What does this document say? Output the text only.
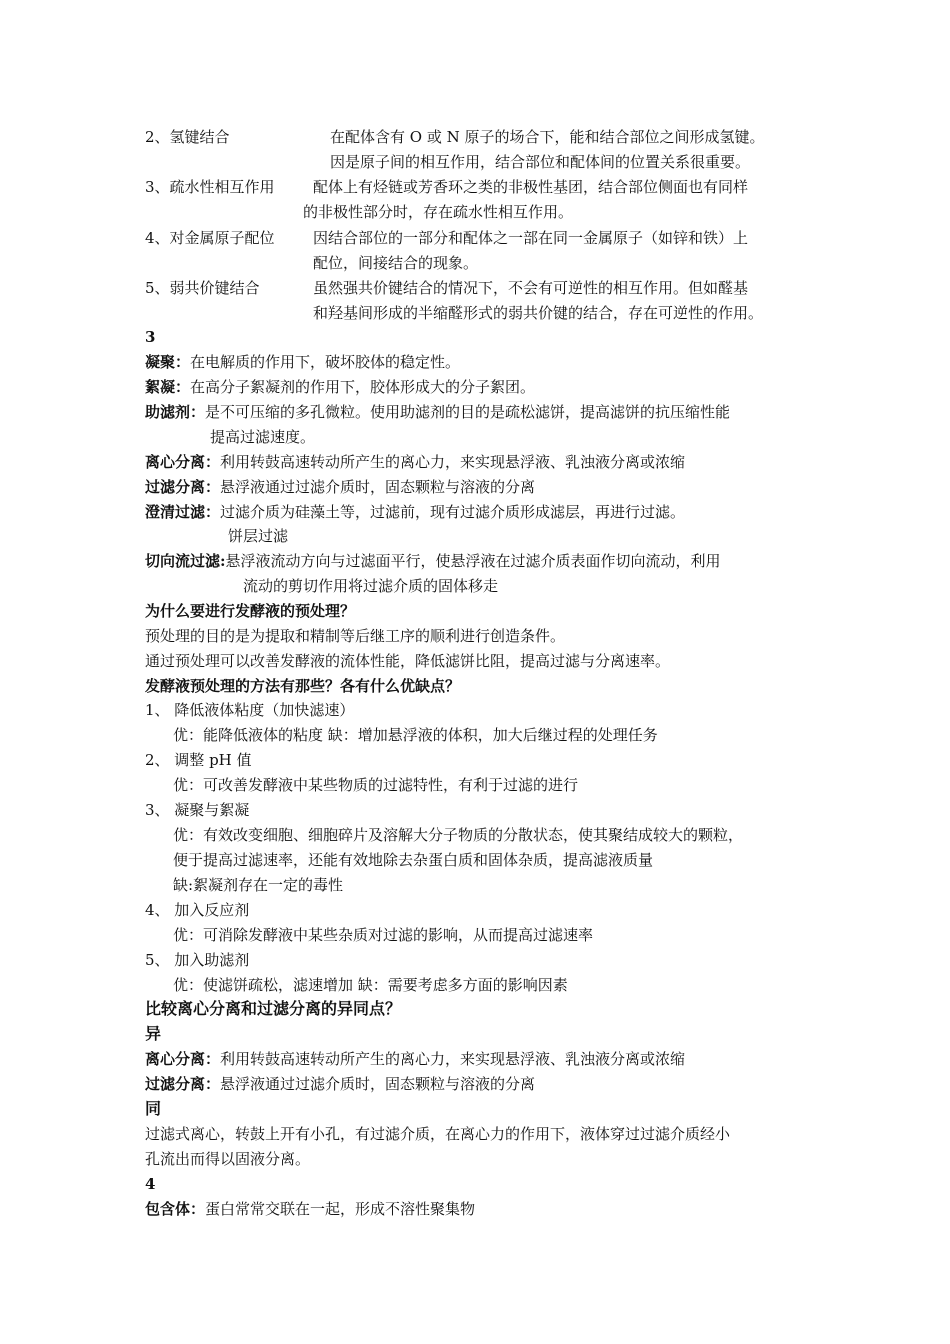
2、氢键结合	在配体含有 O 或 N 原子的场合下，能和结合部位之间形成氢键。
因是原子间的相互作用，结合部位和配体间的位置关系很重要。
3、疏水性相互作用	配体上有烃链或芳香环之类的非极性基团，结合部位侧面也有同样
的非极性部分时，存在疏水性相互作用。
4、对金属原子配位	因结合部位的一部分和配体之一部在同一金属原子（如锌和铁）上
配位，间接结合的现象。
5、弱共价键结合	虽然强共价键结合的情况下，不会有可逆性的相互作用。但如醛基
和羟基间形成的半缩醛形式的弱共价键的结合，存在可逆性的作用。
3
凝聚：在电解质的作用下，破坏胶体的稳定性。
絮凝：在高分子絮凝剂的作用下，胶体形成大的分子絮团。
助滤剂：是不可压缩的多孔微粒。使用助滤剂的目的是疏松滤饼，提高滤饼的抗压缩性能
提高过滤速度。
离心分离：利用转鼓高速转动所产生的离心力，来实现悬浮液、乳浊液分离或浓缩
过滤分离：悬浮液通过过滤介质时，固态颗粒与溶液的分离
澄清过滤：过滤介质为硅藻土等，过滤前，现有过滤介质形成滤层，再进行过滤。
饼层过滤
切向流过滤:悬浮液流动方向与过滤面平行，使悬浮液在过滤介质表面作切向流动，利用
流动的剪切作用将过滤介质的固体移走
为什么要进行发酵液的预处理？
预处理的目的是为提取和精制等后继工序的顺利进行创造条件。
通过预处理可以改善发酵液的流体性能，降低滤饼比阻，提高过滤与分离速率。
发酵液预处理的方法有那些？各有什么优缺点？
1、 降低液体粘度（加快滤速）
优：能降低液体的粘度 缺：增加悬浮液的体积，加大后继过程的处理任务
2、 调整 pH 值
优：可改善发酵液中某些物质的过滤特性，有利于过滤的进行
3、 凝聚与絮凝
优：有效改变细胞、细胞碎片及溶解大分子物质的分散状态，使其聚结成较大的颗粒，
便于提高过滤速率，还能有效地除去杂蛋白质和固体杂质，提高滤液质量
缺:絮凝剂存在一定的毒性
4、 加入反应剂
优：可消除发酵液中某些杂质对过滤的影响，从而提高过滤速率
5、 加入助滤剂
优：使滤饼疏松，滤速增加 缺：需要考虑多方面的影响因素
比较离心分离和过滤分离的异同点？
异
离心分离：利用转鼓高速转动所产生的离心力，来实现悬浮液、乳浊液分离或浓缩
过滤分离：悬浮液通过过滤介质时，固态颗粒与溶液的分离
同
过滤式离心，转鼓上开有小孔，有过滤介质，在离心力的作用下，液体穿过过滤介质经小
孔流出而得以固液分离。
4
包含体：蛋白常常交联在一起，形成不溶性聚集物
